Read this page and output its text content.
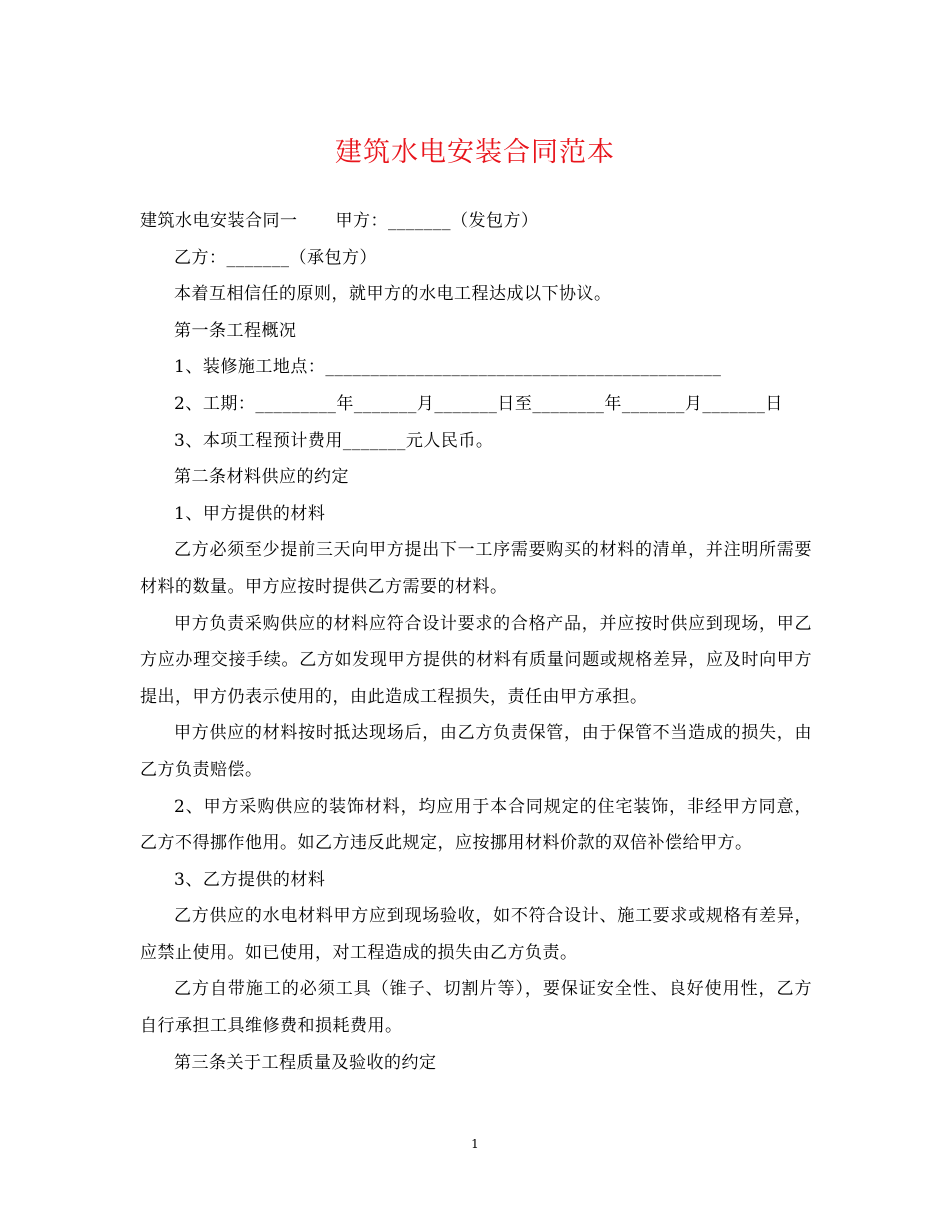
建筑水电安装合同范本

建筑水电安装合同一 甲方：_______（发包方）

乙方：_______（承包方）

本着互相信任的原则，就甲方的水电工程达成以下协议。

第一条工程概况

1、装修施工地点：____________________________________________

2、工期：_________年_______月_______日至________年_______月_______日

3、本项工程预计费用_______元人民币。

第二条材料供应的约定

1、甲方提供的材料

乙方必须至少提前三天向甲方提出下一工序需要购买的材料的清单，并注明所需要材料的数量。甲方应按时提供乙方需要的材料。

甲方负责采购供应的材料应符合设计要求的合格产品，并应按时供应到现场，甲乙方应办理交接手续。乙方如发现甲方提供的材料有质量问题或规格差异，应及时向甲方提出，甲方仍表示使用的，由此造成工程损失，责任由甲方承担。

甲方供应的材料按时抵达现场后，由乙方负责保管，由于保管不当造成的损失，由乙方负责赔偿。

2、甲方采购供应的装饰材料，均应用于本合同规定的住宅装饰，非经甲方同意，乙方不得挪作他用。如乙方违反此规定，应按挪用材料价款的双倍补偿给甲方。

3、乙方提供的材料

乙方供应的水电材料甲方应到现场验收，如不符合设计、施工要求或规格有差异，应禁止使用。如已使用，对工程造成的损失由乙方负责。

乙方自带施工的必须工具（锥子、切割片等），要保证安全性、良好使用性，乙方自行承担工具维修费和损耗费用。

第三条关于工程质量及验收的约定

1
